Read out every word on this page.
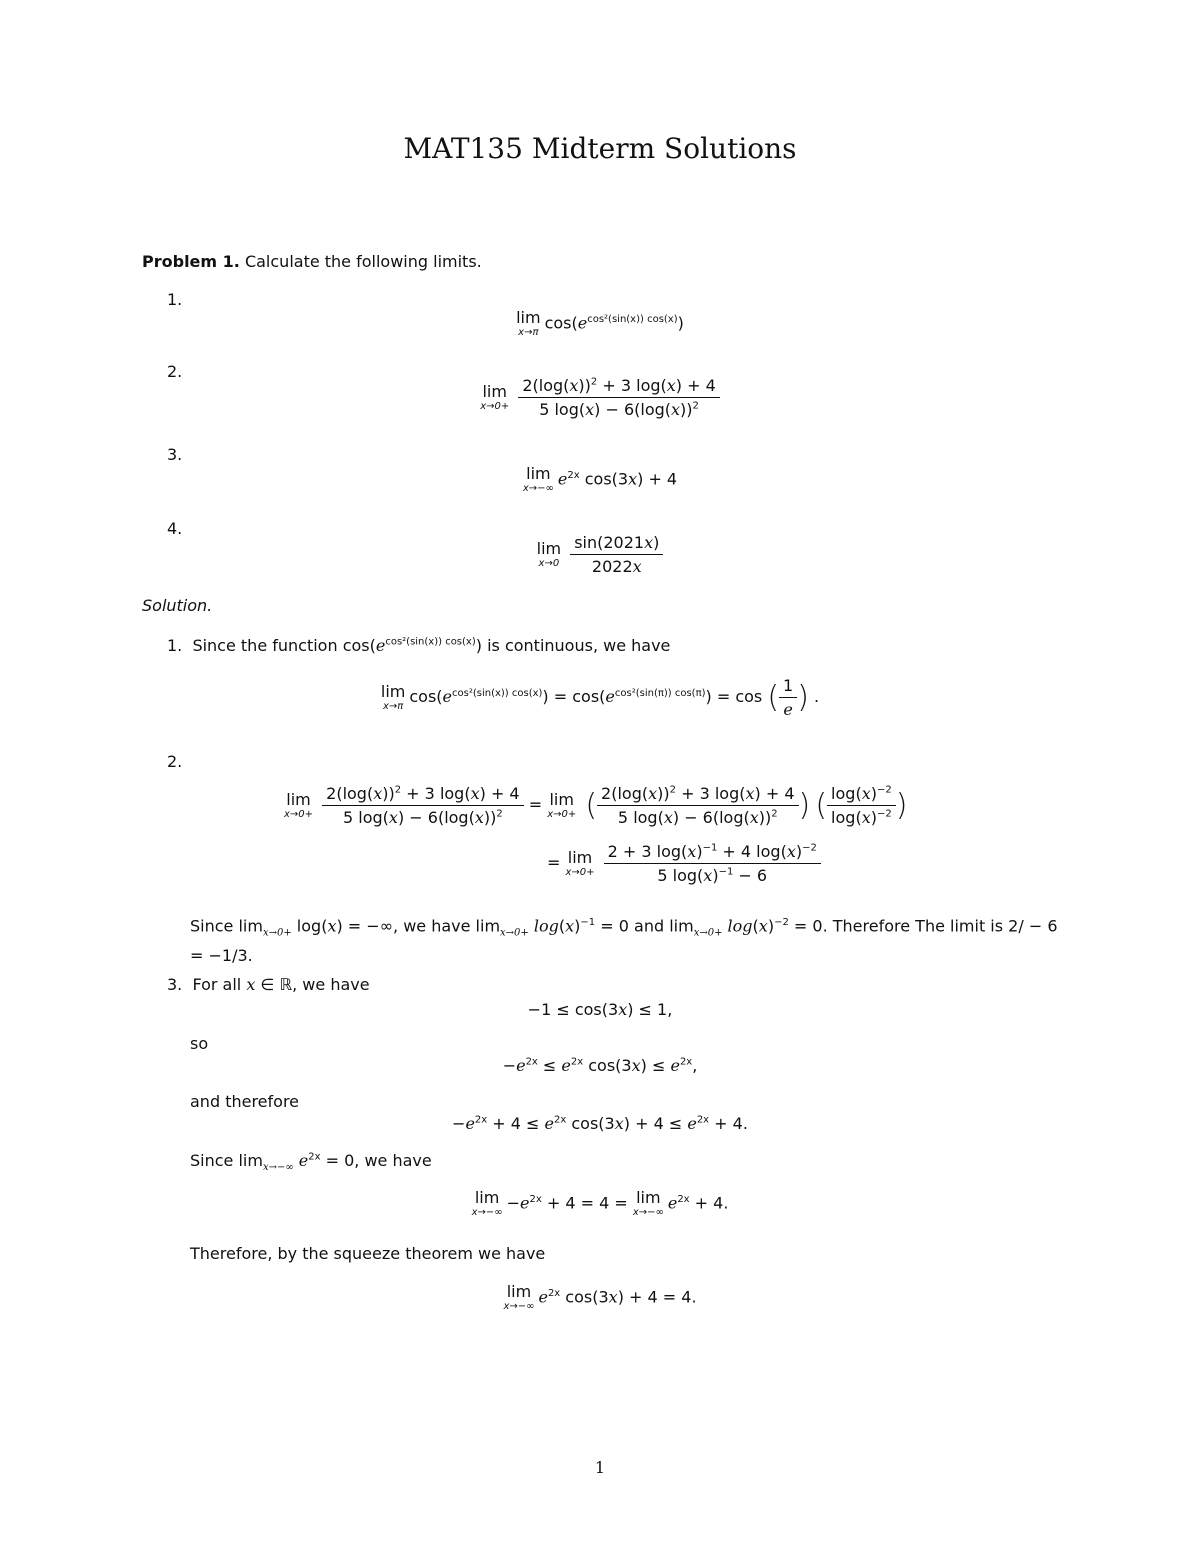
MAT135 Midterm Solutions
Problem 1. Calculate the following limits.
1.
lim
x→π $\cos(e^{cos^2(sin(x)) cos(x)})$
2.
lim
x→0+
$\frac{2(\log(x))^2 + 3 \log(x) + 4}{5 \log(x) - 6(\log(x))^2}$
3.
lim
x→−∞ $e^{2x}$ cos(3x) + 4
4.
lim
x→0
$\frac{\sin(2021x)}{2022x}$
Solution.
1.  Since the function $\cos(e^{cos^2(sin(x)) cos(x)})$ is continuous, we have
lim
x→π $\cos(e^{cos^2(sin(x)) cos(x)}) = \cos(e^{cos^2(sin(\pi)) cos(\pi)}) = \cos$ ( $\frac{1}{e}$ ) .
2.
lim
x→0+
$\frac{2(\log(x))^2 + 3 \log(x) + 4}{5 \log(x) - 6(\log(x))^2} = \lim$
x→0+ ( $\frac{2(\log(x))^2 + 3 \log(x) + 4}{5 \log(x) - 6(\log(x))^2}$ ) ( $\frac{\log(x)^{-2}}{\log(x)^{-2}}$ )
= lim
x→0+
$\frac{2 + 3 \log(x)^{-1} + 4 \log(x)^{-2}}{5 \log(x)^{-1} - 6}$
Since $\lim_{x\to 0+} \log(x)$ = −∞, we have $\lim_{x\to 0+} \log(x)^{-1} = 0$ and $\lim_{x\to 0+} \log(x)^{-2} = 0$. Therefore The limit is 2/ − 6 = −1/3.
3.  For all x ∈ ℝ, we have
−1 ≤ cos(3x) ≤ 1,
so
$-e^{2x} \le e^{2x}$ $\cos(3x) \le e^{2x}$,
and therefore
$-e^{2x} + 4 \le e^{2x}$ $\cos(3x) + 4 \le e^{2x} + 4$.
Since $\lim_{x\to-\infty} e^{2x} = 0$, we have
lim
$x\to-\infty -e^{2x} + 4 = 4 = \lim$
x→−∞ $e^{2x} + 4$.
Therefore, by the squeeze theorem we have
lim
x→−∞ $e^{2x}$ cos(3x) + 4 = 4.
1
